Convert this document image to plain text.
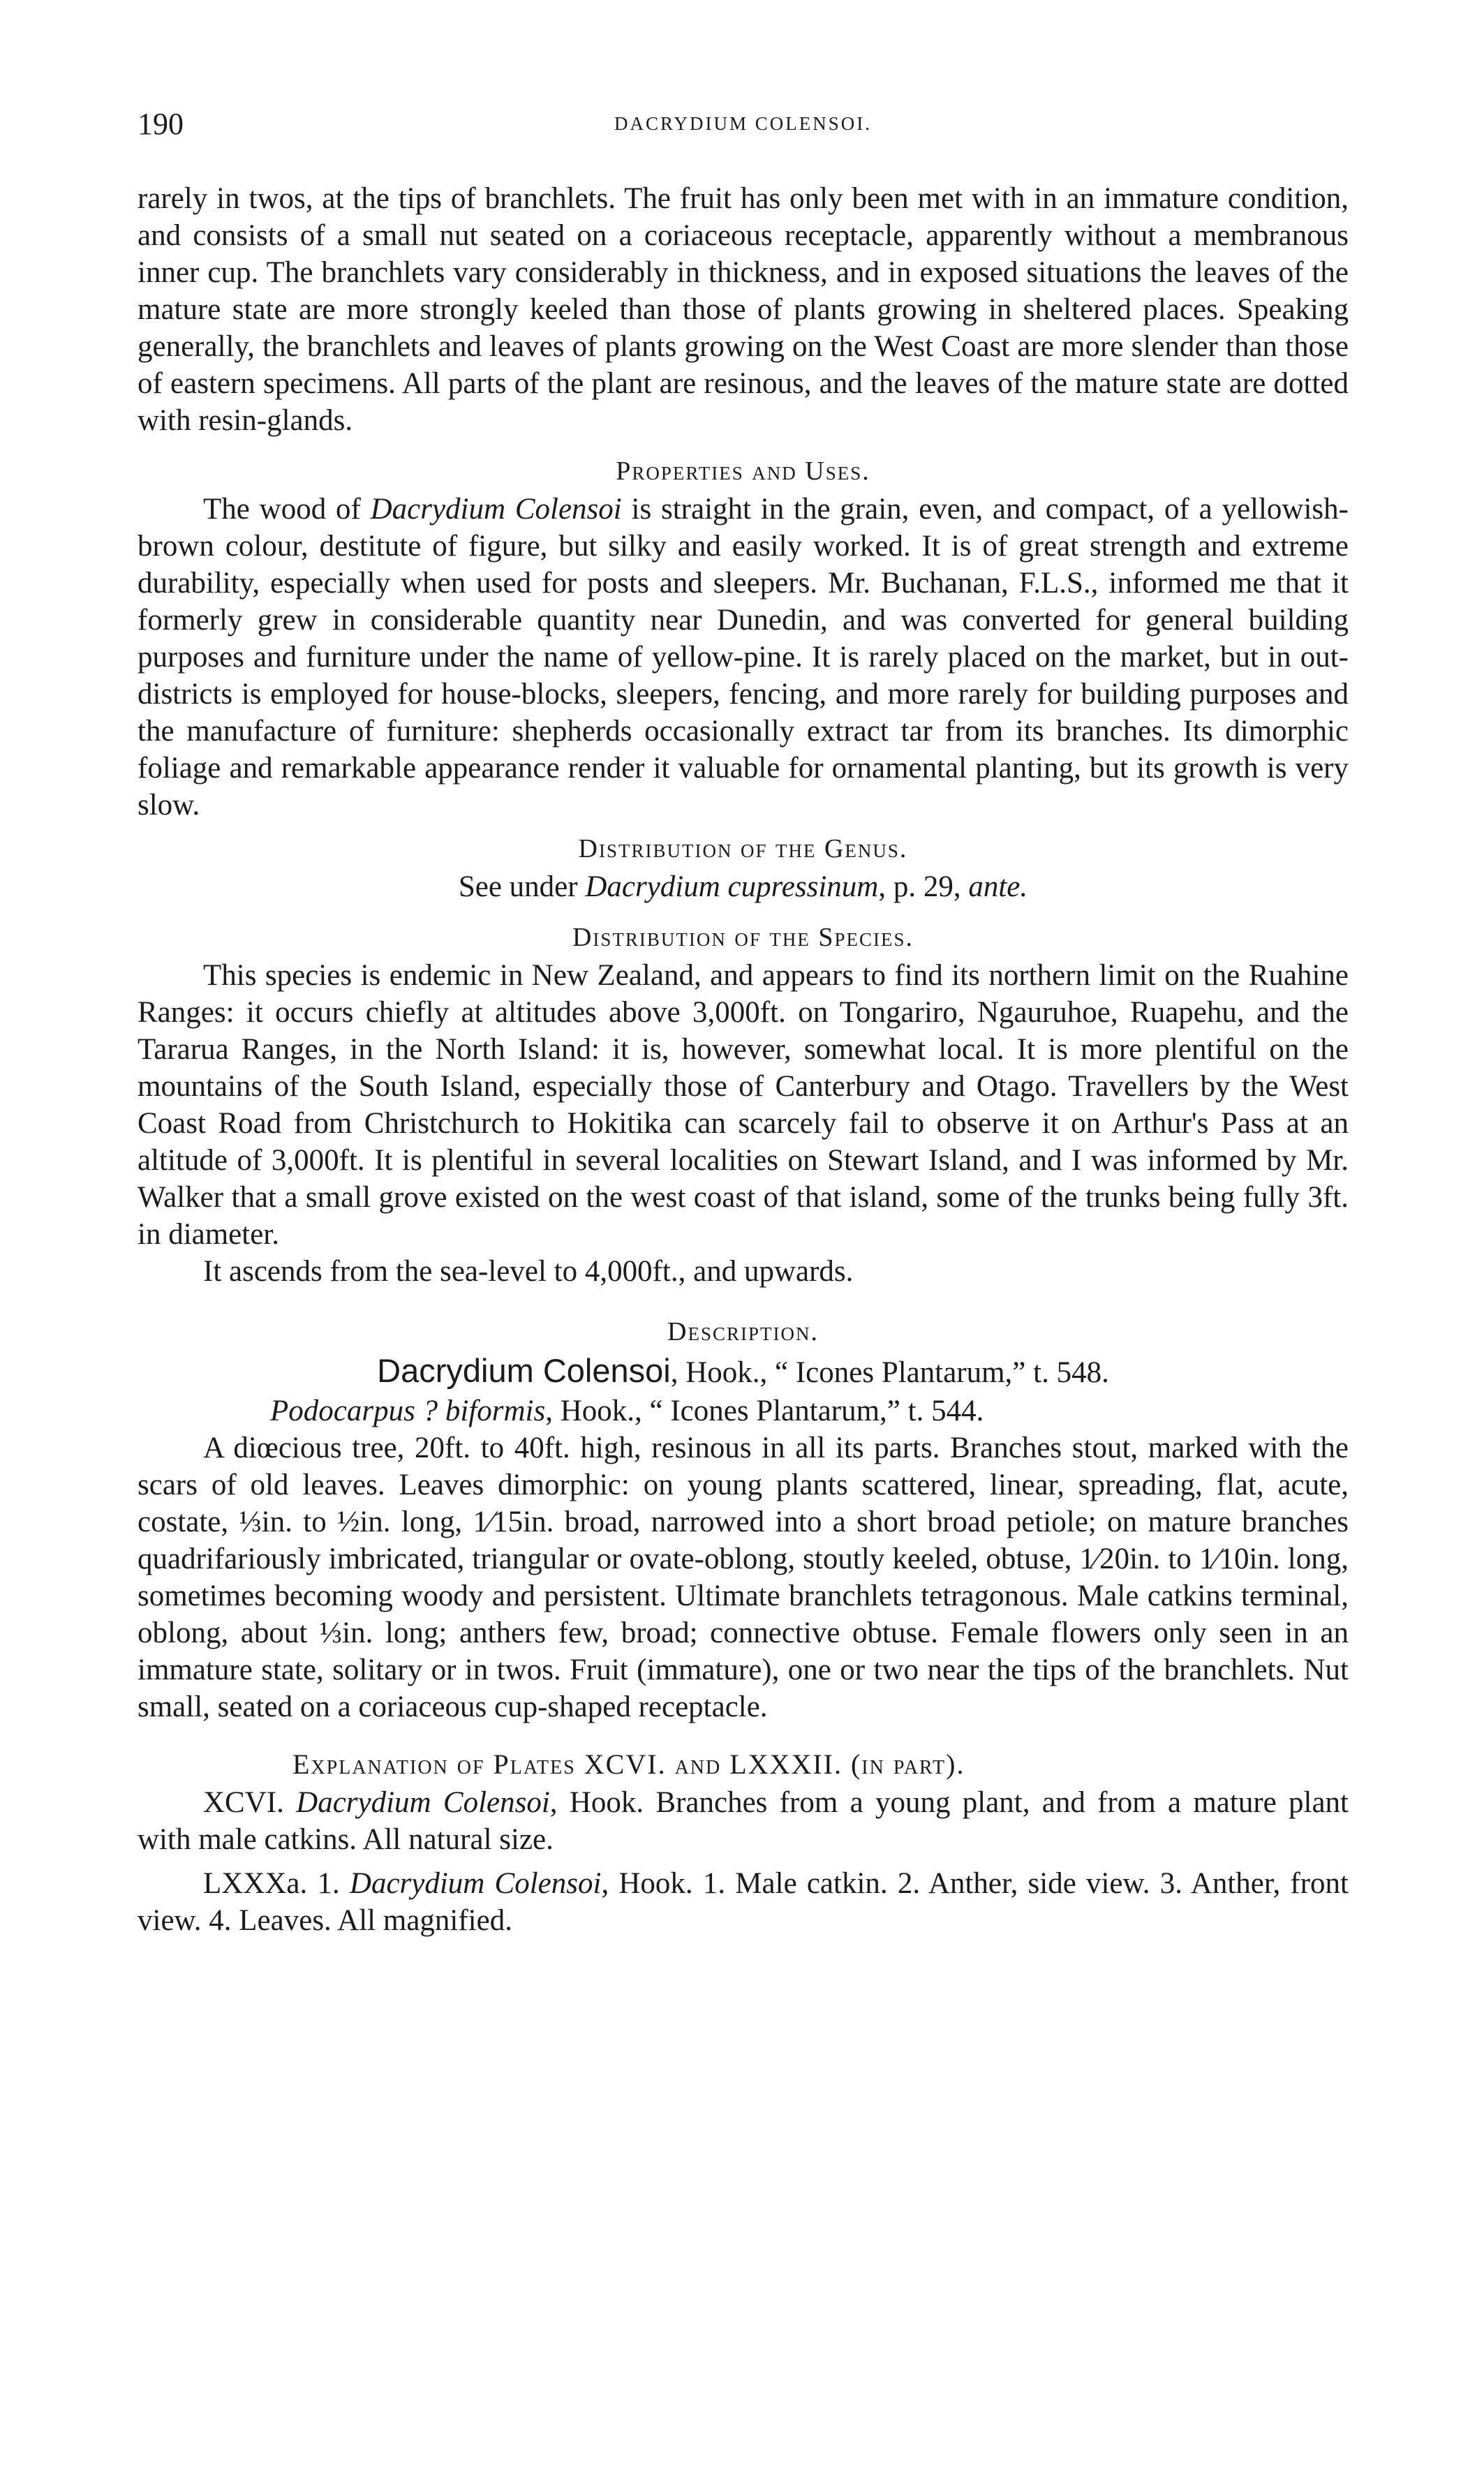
190	DACRYDIUM COLENSOI.

rarely in twos, at the tips of branchlets. The fruit has only been met with in an immature condition, and consists of a small nut seated on a coriaceous receptacle, apparently without a membranous inner cup. The branchlets vary considerably in thickness, and in exposed situations the leaves of the mature state are more strongly keeled than those of plants growing in sheltered places. Speaking generally, the branchlets and leaves of plants growing on the West Coast are more slender than those of eastern specimens. All parts of the plant are resinous, and the leaves of the mature state are dotted with resin-glands.

Properties and Uses.

The wood of Dacrydium Colensoi is straight in the grain, even, and compact, of a yellowish-brown colour, destitute of figure, but silky and easily worked. It is of great strength and extreme durability, especially when used for posts and sleepers. Mr. Buchanan, F.L.S., informed me that it formerly grew in considerable quantity near Dunedin, and was converted for general building purposes and furniture under the name of yellow-pine. It is rarely placed on the market, but in out-districts is employed for house-blocks, sleepers, fencing, and more rarely for building purposes and the manufacture of furniture: shepherds occasionally extract tar from its branches. Its dimorphic foliage and remarkable appearance render it valuable for ornamental planting, but its growth is very slow.

Distribution of the Genus.
See under Dacrydium cupressinum, p. 29, ante.
Distribution of the Species.

This species is endemic in New Zealand, and appears to find its northern limit on the Ruahine Ranges: it occurs chiefly at altitudes above 3,000ft. on Tongariro, Ngauruhoe, Ruapehu, and the Tararua Ranges, in the North Island: it is, however, somewhat local. It is more plentiful on the mountains of the South Island, especially those of Canterbury and Otago. Travellers by the West Coast Road from Christchurch to Hokitika can scarcely fail to observe it on Arthur's Pass at an altitude of 3,000ft. It is plentiful in several localities on Stewart Island, and I was informed by Mr. Walker that a small grove existed on the west coast of that island, some of the trunks being fully 3ft. in diameter.

It ascends from the sea-level to 4,000ft., and upwards.

Description.
Dacrydium Colensoi, Hook., “ Icones Plantarum,” t. 548.
Podocarpus ? biformis, Hook., “ Icones Plantarum,” t. 544.

A diœcious tree, 20ft. to 40ft. high, resinous in all its parts. Branches stout, marked with the scars of old leaves. Leaves dimorphic: on young plants scattered, linear, spreading, flat, acute, costate, ⅓in. to ½in. long, 1⁄15in. broad, narrowed into a short broad petiole; on mature branches quadrifariously imbricated, triangular or ovate-oblong, stoutly keeled, obtuse, 1⁄20in. to 1⁄10in. long, sometimes becoming woody and persistent. Ultimate branchlets tetragonous. Male catkins terminal, oblong, about ⅓in. long; anthers few, broad; connective obtuse. Female flowers only seen in an immature state, solitary or in twos. Fruit (immature), one or two near the tips of the branchlets. Nut small, seated on a coriaceous cup-shaped receptacle.

Explanation of Plates XCVI. and LXXXII. (in part).

XCVI. Dacrydium Colensoi, Hook. Branches from a young plant, and from a mature plant with male catkins. All natural size.

LXXXa. 1. Dacrydium Colensoi, Hook. 1. Male catkin. 2. Anther, side view. 3. Anther, front view. 4. Leaves. All magnified.
